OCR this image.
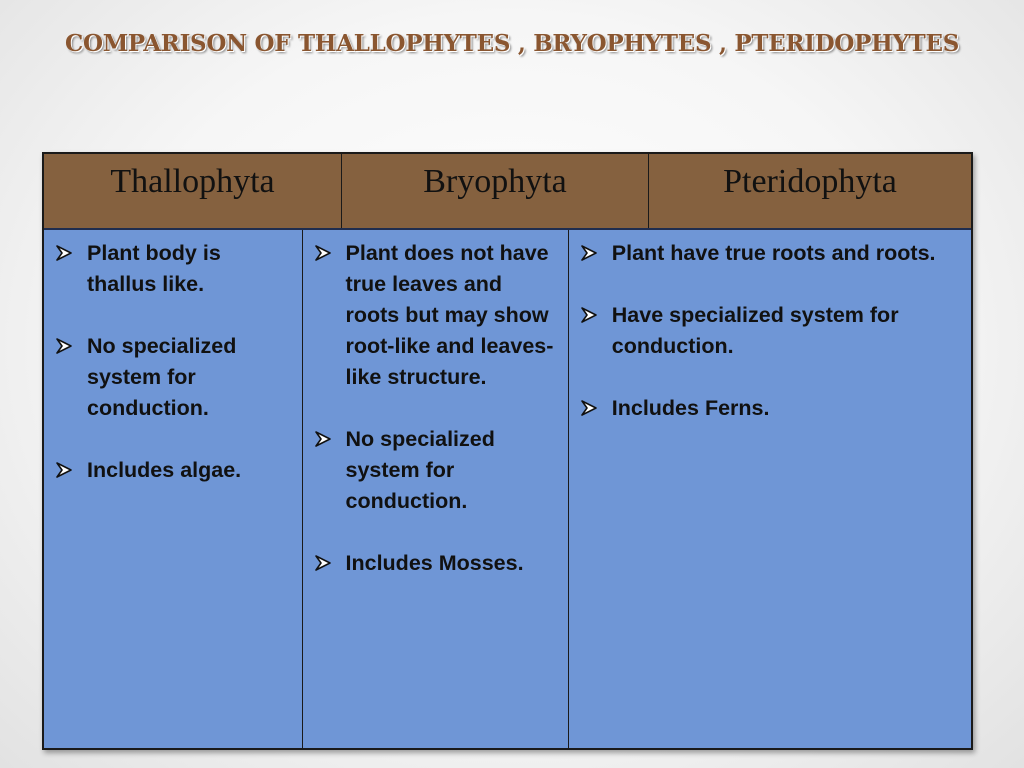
COMPARISON OF THALLOPHYTES , BRYOPHYTES , PTERIDOPHYTES
Thallophyta	Bryophyta	Pteridophyta
Plant body is thallus like.
No specialized system for conduction.
Includes algae.
Plant does not have true leaves and roots but may show root-like and leaves-like structure.
No specialized system for conduction.
Includes Mosses.
Plant have true roots and roots.
Have specialized system for conduction.
Includes Ferns.
